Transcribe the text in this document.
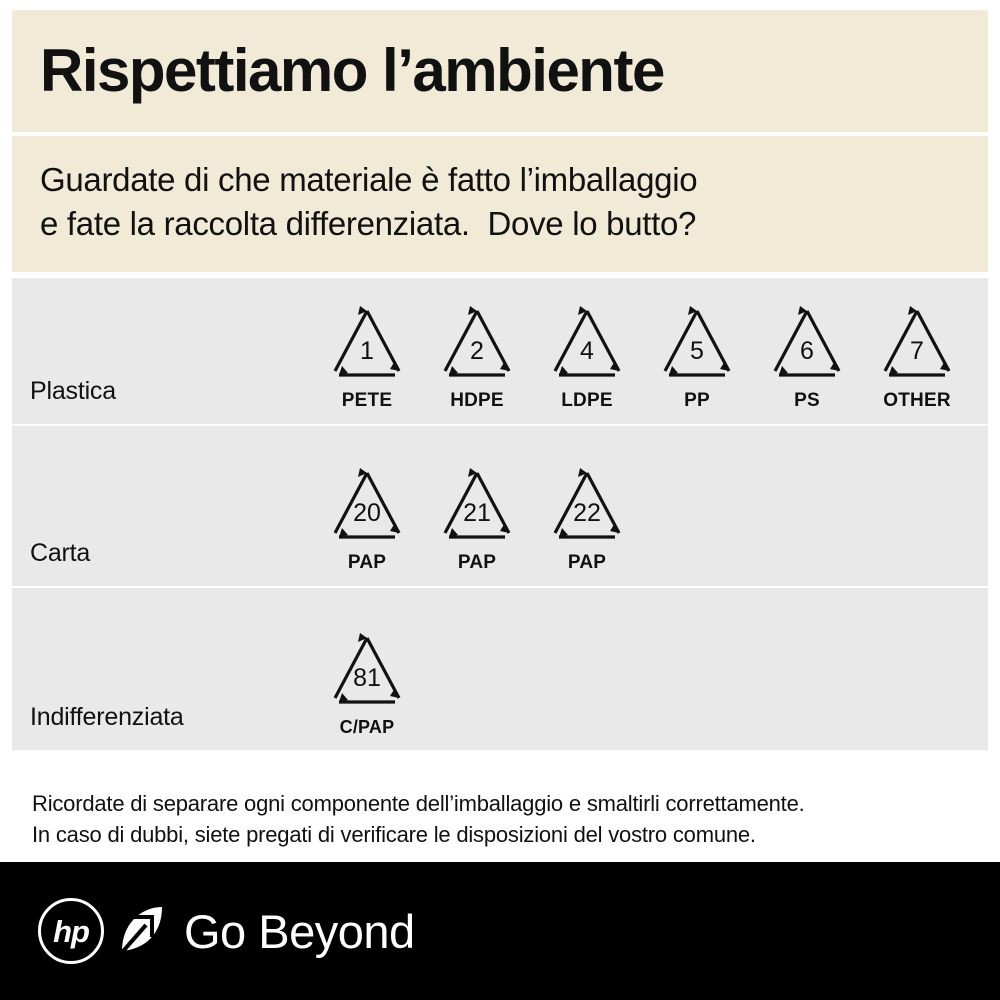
Rispettiamo l’ambiente
Guardate di che materiale è fatto l’imballaggio
e fate la raccolta differenziata.  Dove lo butto?
Plastica
1
PETE
2
HDPE
4
LDPE
5
PP
6
PS
7
OTHER
Carta
20
PAP
21
PAP
22
PAP
Indifferenziata
81
C/PAP
Ricordate di separare ogni componente dell’imballaggio e smaltirli correttamente.
In caso di dubbi, siete pregati di verificare le disposizioni del vostro comune.
hp Go Beyond
